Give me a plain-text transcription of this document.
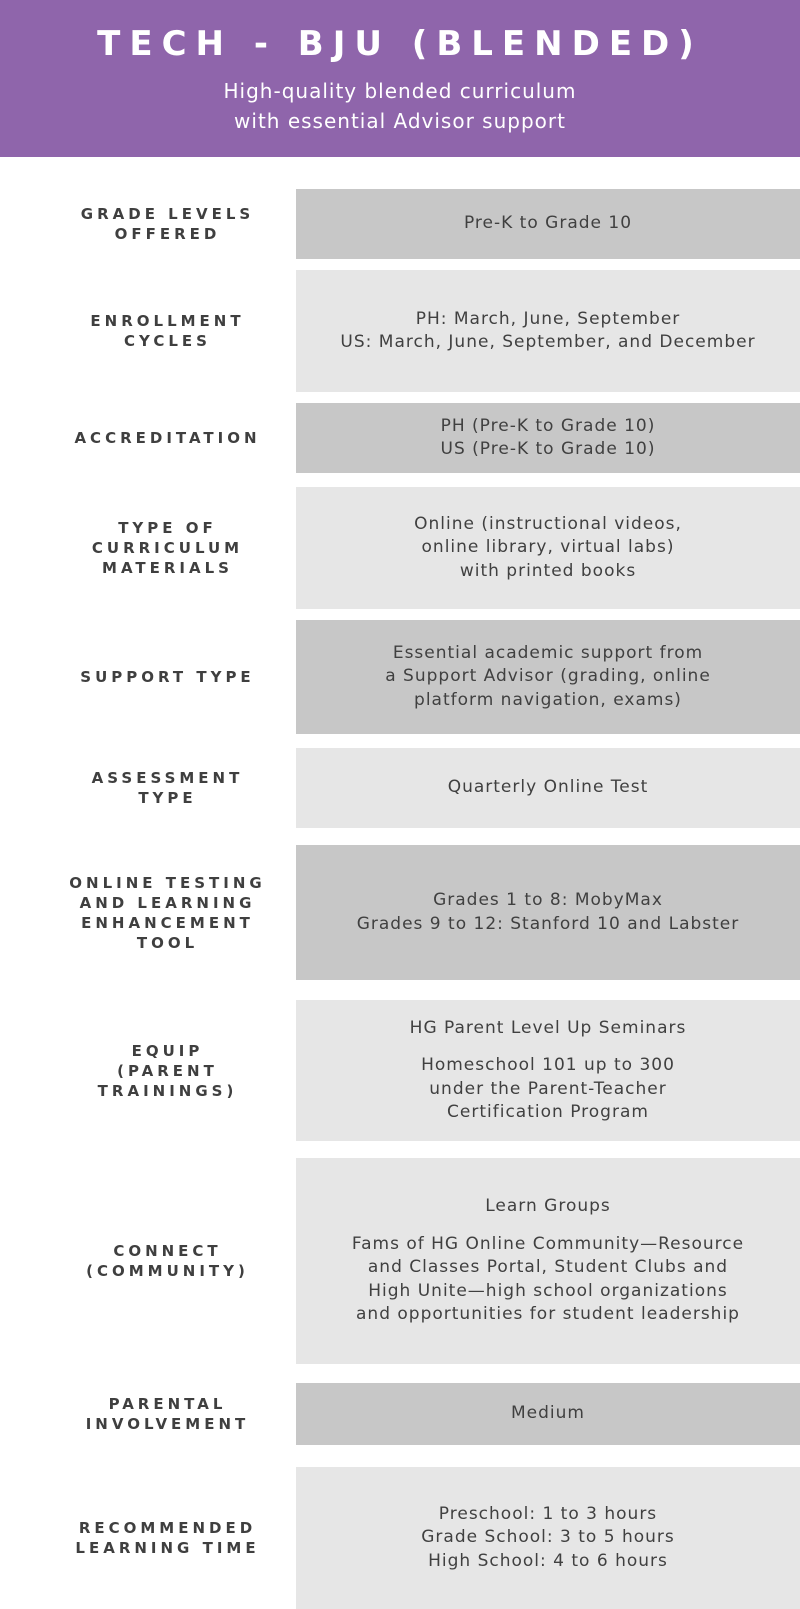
TECH - BJU (BLENDED)
High-quality blended curriculum
with essential Advisor support
GRADE LEVELS
OFFERED
Pre-K to Grade 10
ENROLLMENT
CYCLES
PH: March, June, September
US: March, June, September, and December
ACCREDITATION
PH (Pre-K to Grade 10)
US (Pre-K to Grade 10)
TYPE OF
CURRICULUM
MATERIALS
Online (instructional videos,
online library, virtual labs)
with printed books
SUPPORT TYPE
Essential academic support from
a Support Advisor (grading, online
platform navigation, exams)
ASSESSMENT
TYPE
Quarterly Online Test
ONLINE TESTING
AND LEARNING
ENHANCEMENT
TOOL
Grades 1 to 8: MobyMax
Grades 9 to 12: Stanford 10 and Labster
EQUIP
(PARENT
TRAININGS)
HG Parent Level Up Seminars
Homeschool 101 up to 300
under the Parent-Teacher
Certification Program
CONNECT
(COMMUNITY)
Learn Groups
Fams of HG Online Community—Resource
and Classes Portal, Student Clubs and
High Unite—high school organizations
and opportunities for student leadership
PARENTAL
INVOLVEMENT
Medium
RECOMMENDED
LEARNING TIME
Preschool: 1 to 3 hours
Grade School: 3 to 5 hours
High School: 4 to 6 hours
